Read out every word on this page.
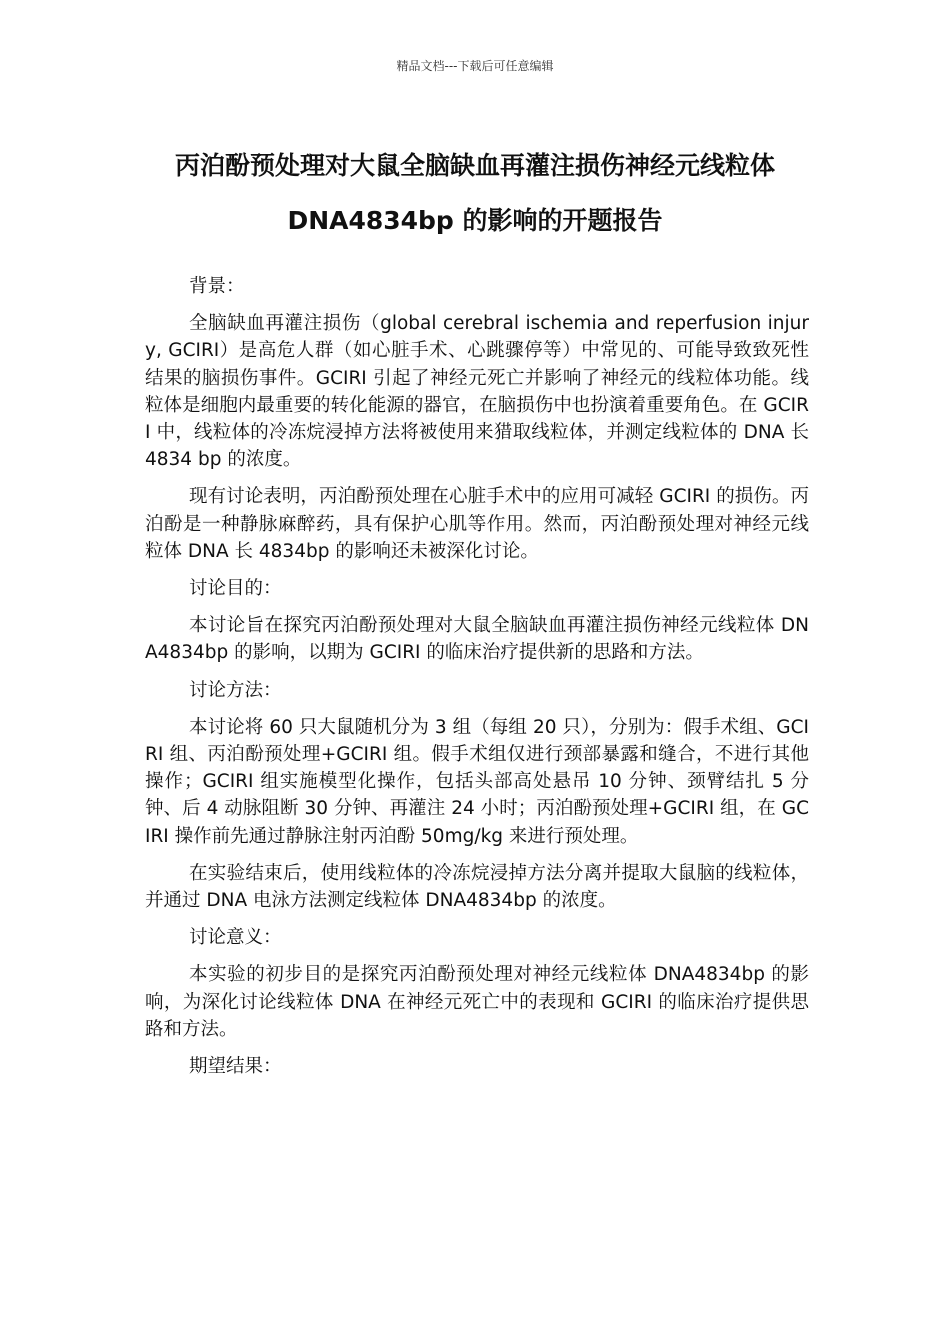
精品文档---下载后可任意编辑
丙泊酚预处理对大鼠全脑缺血再灌注损伤神经元线粒体 DNA4834bp 的影响的开题报告

背景：

全脑缺血再灌注损伤（global cerebral ischemia and reperfusion injury, GCIRI）是高危人群（如心脏手术、心跳骤停等）中常见的、可能导致致死性结果的脑损伤事件。GCIRI 引起了神经元死亡并影响了神经元的线粒体功能。线粒体是细胞内最重要的转化能源的器官，在脑损伤中也扮演着重要角色。在 GCIRI 中，线粒体的冷冻烷浸掉方法将被使用来猎取线粒体，并测定线粒体的 DNA 长 4834 bp 的浓度。

现有讨论表明，丙泊酚预处理在心脏手术中的应用可减轻 GCIRI 的损伤。丙泊酚是一种静脉麻醉药，具有保护心肌等作用。然而，丙泊酚预处理对神经元线粒体 DNA 长 4834bp 的影响还未被深化讨论。

讨论目的：

本讨论旨在探究丙泊酚预处理对大鼠全脑缺血再灌注损伤神经元线粒体 DNA4834bp 的影响，以期为 GCIRI 的临床治疗提供新的思路和方法。

讨论方法：

本讨论将 60 只大鼠随机分为 3 组（每组 20 只），分别为：假手术组、GCIRI 组、丙泊酚预处理+GCIRI 组。假手术组仅进行颈部暴露和缝合，不进行其他操作；GCIRI 组实施模型化操作，包括头部高处悬吊 10 分钟、颈臂结扎 5 分钟、后 4 动脉阻断 30 分钟、再灌注 24 小时；丙泊酚预处理+GCIRI 组，在 GCIRI 操作前先通过静脉注射丙泊酚 50mg/kg 来进行预处理。

在实验结束后，使用线粒体的冷冻烷浸掉方法分离并提取大鼠脑的线粒体，并通过 DNA 电泳方法测定线粒体 DNA4834bp 的浓度。

讨论意义：

本实验的初步目的是探究丙泊酚预处理对神经元线粒体 DNA4834bp 的影响，为深化讨论线粒体 DNA 在神经元死亡中的表现和 GCIRI 的临床治疗提供思路和方法。

期望结果：
